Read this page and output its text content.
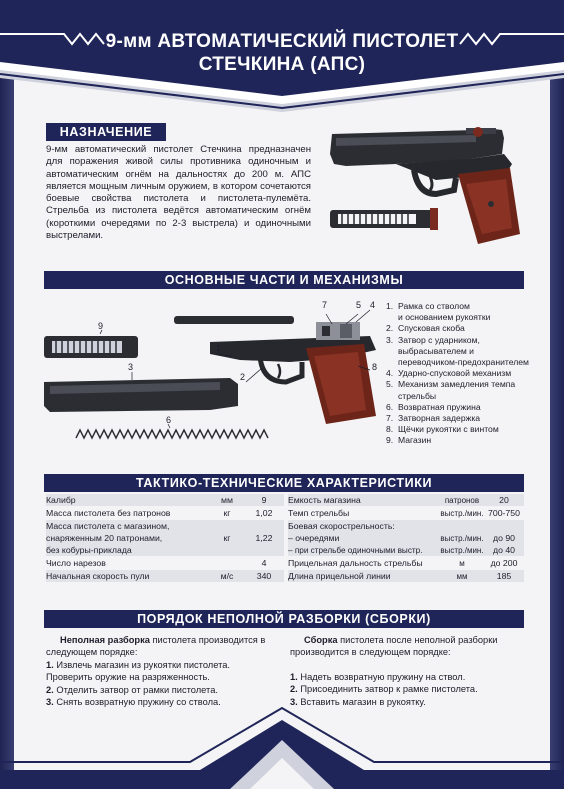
9-мм АВТОМАТИЧЕСКИЙ ПИСТОЛЕТ
СТЕЧКИНА (АПС)
НАЗНАЧЕНИЕ
9-мм автоматический пистолет Стечкина предназначен для поражения живой силы противника одиночным и автоматическим огнём на дальностях до 200 м. АПС является мощным личным оружием, в котором сочетаются боевые свойства пистолета и пистолета-пулемёта. Стрельба из пистолета ведётся автоматическим огнём (короткими очередями по 2-3 выстрела) и одиночными выстрелами.
ОСНОВНЫЕ ЧАСТИ И МЕХАНИЗМЫ
1
2
3
4
5
6
7
8
9
1. Рамка со стволом
и основанием рукоятки
2. Спусковая скоба
3. Затвор с ударником,
выбрасывателем и
переводчиком-предохранителем
4. Ударно-спусковой механизм
5. Механизм замедления темпа
стрельбы
6. Возвратная пружина
7. Затворная задержка
8. Щёчки рукоятки с винтом
9. Магазин
ТАКТИКО-ТЕХНИЧЕСКИЕ ХАРАКТЕРИСТИКИ
Калибр	мм	9
Масса пистолета без патронов	кг	1,02
Масса пистолета с магазином,
снаряженным 20 патронами,	кг	1,22
без кобуры-приклада
Число нарезов	4
Начальная скорость пули	м/с	340
Емкость магазина	патронов	20
Темп стрельбы	выстр./мин. 700-750
Боевая скорострельность:
– очередями	выстр./мин.	до 90
– при стрельбе одиночными выстр.	выстр./мин.	до 40
Прицельная дальность стрельбы	м	до 200
Длина прицельной линии	мм	185
ПОРЯДОК НЕПОЛНОЙ РАЗБОРКИ (СБОРКИ)
Неполная разборка пистолета производится в
следующем порядке:
1. Извлечь магазин из рукоятки пистолета.
Проверить оружие на разряженность.
2. Отделить затвор от рамки пистолета.
3. Снять возвратную пружину со ствола.
Сборка пистолета после неполной разборки
производится в следующем порядке:
1. Надеть возвратную пружину на ствол.
2. Присоединить затвор к рамке пистолета.
3. Вставить магазин в рукоятку.
